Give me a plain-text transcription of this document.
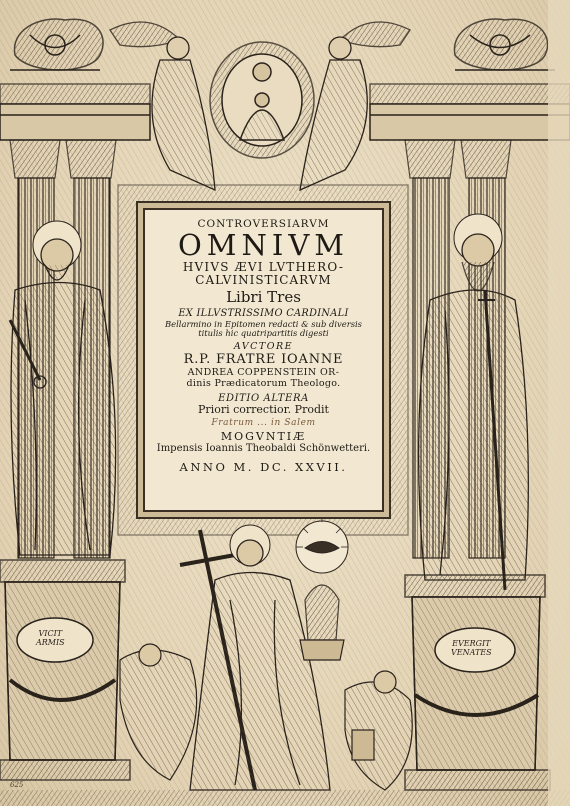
CONTROVERSIARVM
OMNIVM
HVIVS ÆVI LVTHERO-
CALVINISTICARVM
Libri Tres
EX ILLVSTRISSIMO CARDINALI
Bellarmino in Epitomen redacti & sub diversis
titulis hic quatripartitis digesti
AVCTORE
R.P. FRATRE IOANNE
ANDREA COPPENSTEIN OR-
dinis Prædicatorum Theologo.
EDITIO ALTERA
Priori correctior. Prodit
Fratrum ... in Salem
MOGVNTIÆ
Impensis Ioannis Theobaldi Schönwetteri.
ANNO M. DC. XXVII.
VICIT
ARMIS	EVERGIT
VENATES
625
